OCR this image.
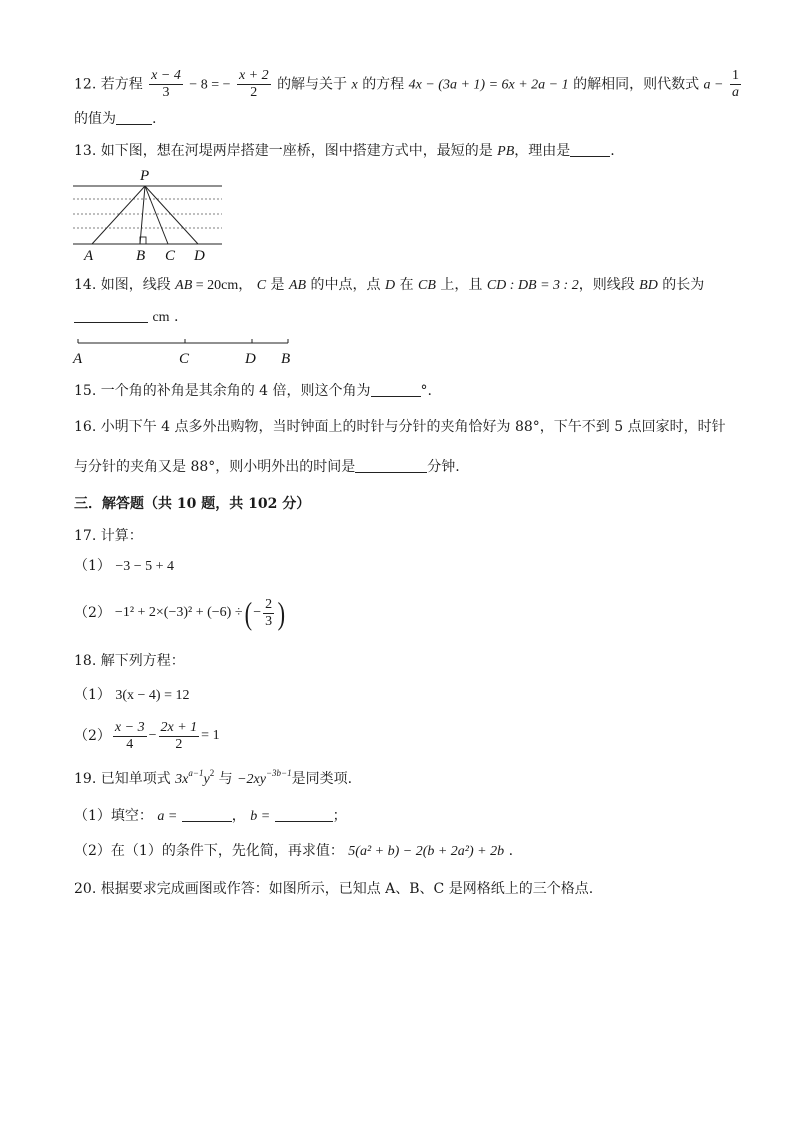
12. 若方程 $\frac{x - 4}{3} - 8$ = − $\frac{x + 2}{2}$ 的解与关于 x 的方程 4x − (3a + 1) = 6x + 2a − 1 的解相同，则代数式 $a - \frac{1}{a}$
的值为	.
13. 如下图，想在河堤两岸搭建一座桥，图中搭建方式中，最短的是 PB，理由是	.
P
A	B C D
14. 如图，线段 AB = 20cm， C 是 AB 的中点，点 D 在 CB 上，且 CD : DB = 3 : 2，则线段 BD 的长为
cm .
A	C	D B
15. 一个角的补角是其余角的 4 倍，则这个角为	°.
16. 小明下午 4 点多外出购物，当时钟面上的时针与分针的夹角恰好为 88°，下午不到 5 点回家时，时针
与分针的夹角又是 88°，则小明外出的时间是	分钟.
三．解答题（共 10 题，共 102 分）
17. 计算：
（1） −3 − 5 + 4
（2） −1² + 2×(−3)² + (−6) ÷ ( − $\frac{2}{3}$ )
18. 解下列方程：
（1） 3(x − 4) = 12
$(2) \frac{x - 3}{4} - \frac{2x + 1}{2} = 1$
19. 已知单项式 $3x^{a-1}y^2$ 与 $-2xy^{-3b-1}$是同类项.
（1）填空： a =	， b =	；
（2）在（1）的条件下，先化简，再求值： 5(a² + b) − 2(b + 2a²) + 2b .
20. 根据要求完成画图或作答：如图所示，已知点 A、B、C 是网格纸上的三个格点.
